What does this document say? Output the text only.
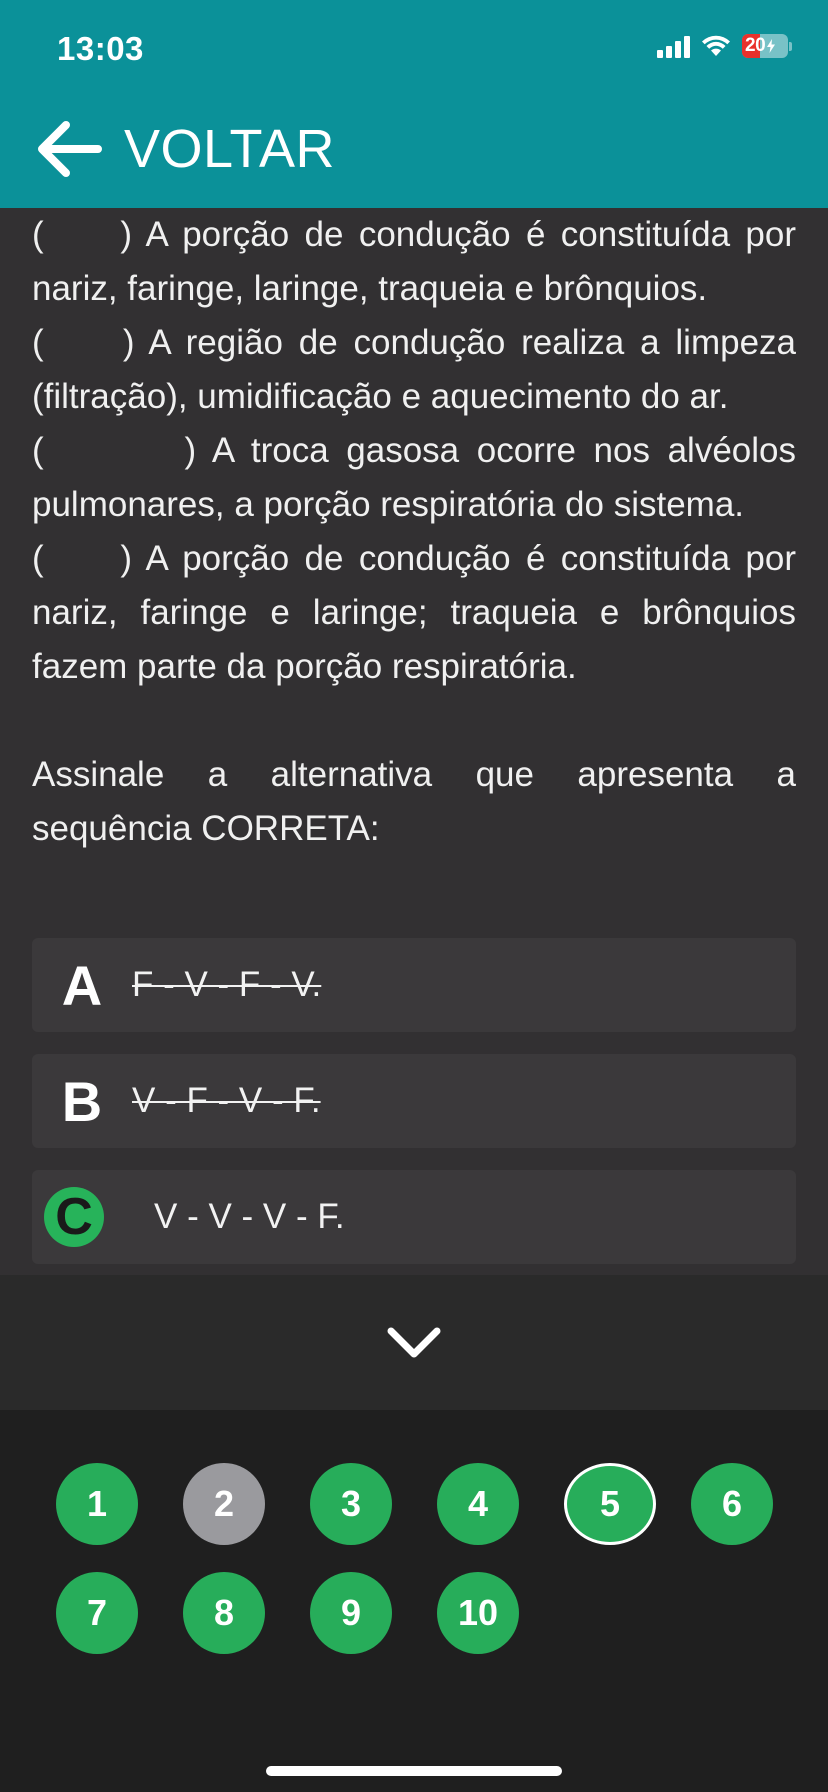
13:03	20
VOLTAR

(     ) A porção de condução é constituída por nariz, faringe, laringe, traqueia e brônquios.

(     ) A região de condução realiza a limpeza (filtração), umidificação e aquecimento do ar.

(        ) A troca gasosa ocorre nos alvéolos pulmonares, a porção respiratória do sistema.

(     ) A porção de condução é constituída por nariz, faringe e laringe; traqueia e brônquios fazem parte da porção respiratória.

Assinale a alternativa que apresenta a sequência CORRETA:
A F - V - F - V.
B V - F - V - F.
C	V - V - V - F.
1	2	3	4	5	6
7	8	9	10
